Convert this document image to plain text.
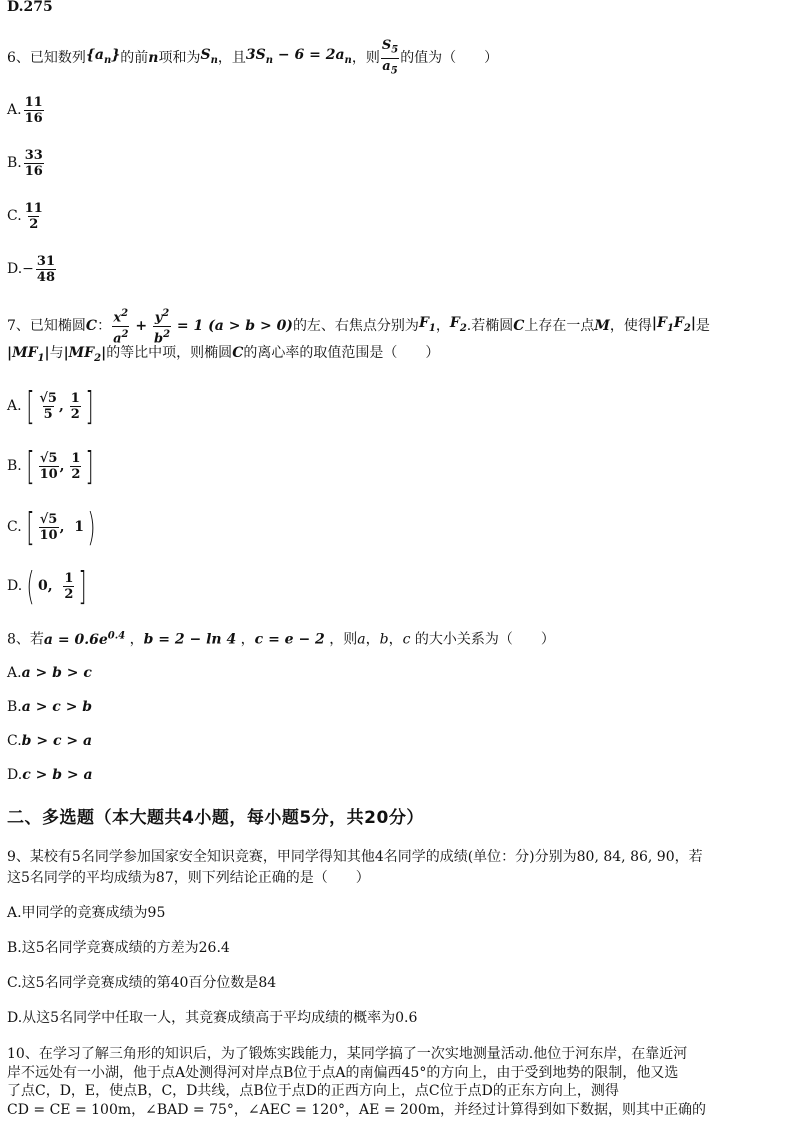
D.275
6、已知数列 $\{a_n\}$ 的前 n 项和为 $S_n$ ，且 $3S_n - 6 = 2a_n$ ，则 $\frac{S_5}{a_5}$ 的值为（　　）
A. $\frac{11}{16}$
B. $\frac{33}{16}$
C. $\frac{11}{2}$
$D.- \frac{31}{48}$
7、已知椭圆 C ： $\frac{x^2}{a^2} + \frac{y^2}{b^2} = 1$ (a > b > 0) 的左、右焦点分别为 $F_1$ ， $F_2$ .若椭圆 C 上存在一点 M ，使得 $|F_1F_2|$ 是
$|MF_1|$与$|MF_2|$的等比中项，则椭圆C的离心率的取值范围是（　　）
A. [ $\frac{√5}{5}$ , $\frac{1}{2}$ ]
B. [ $\frac{√5}{10}$ , $\frac{1}{2}$ ]
C. [ $\frac{√5}{10}$ ,  1 )
D. ( 0, $\frac{1}{2}$ ]
8、若$a = 0.6e^{0.4}$ ，b = 2 − ln 4 ，c = e − 2 ，则a，b，c 的大小关系为（　　）
A.a > b > c
B.a > c > b
C.b > c > a
D.c > b > a
二、多选题（本大题共4小题，每小题5分，共20分）
9、某校有5名同学参加国家安全知识竞赛，甲同学得知其他4名同学的成绩(单位：分)分别为80, 84, 86, 90，若
这5名同学的平均成绩为87，则下列结论正确的是（　　）
A.甲同学的竞赛成绩为95
B.这5名同学竞赛成绩的方差为26.4
C.这5名同学竞赛成绩的第40百分位数是84
D.从这5名同学中任取一人，其竞赛成绩高于平均成绩的概率为0.6
10、在学习了解三角形的知识后，为了锻炼实践能力，某同学搞了一次实地测量活动.他位于河东岸，在靠近河
岸不远处有一小湖，他于点A处测得河对岸点B位于点A的南偏西45°的方向上，由于受到地势的限制，他又选
了点C，D，E，使点B，C，D共线，点B位于点D的正西方向上，点C位于点D的正东方向上，测得
CD = CE = 100m，∠BAD = 75°，∠AEC = 120°，AE = 200m，并经过计算得到如下数据，则其中正确的
